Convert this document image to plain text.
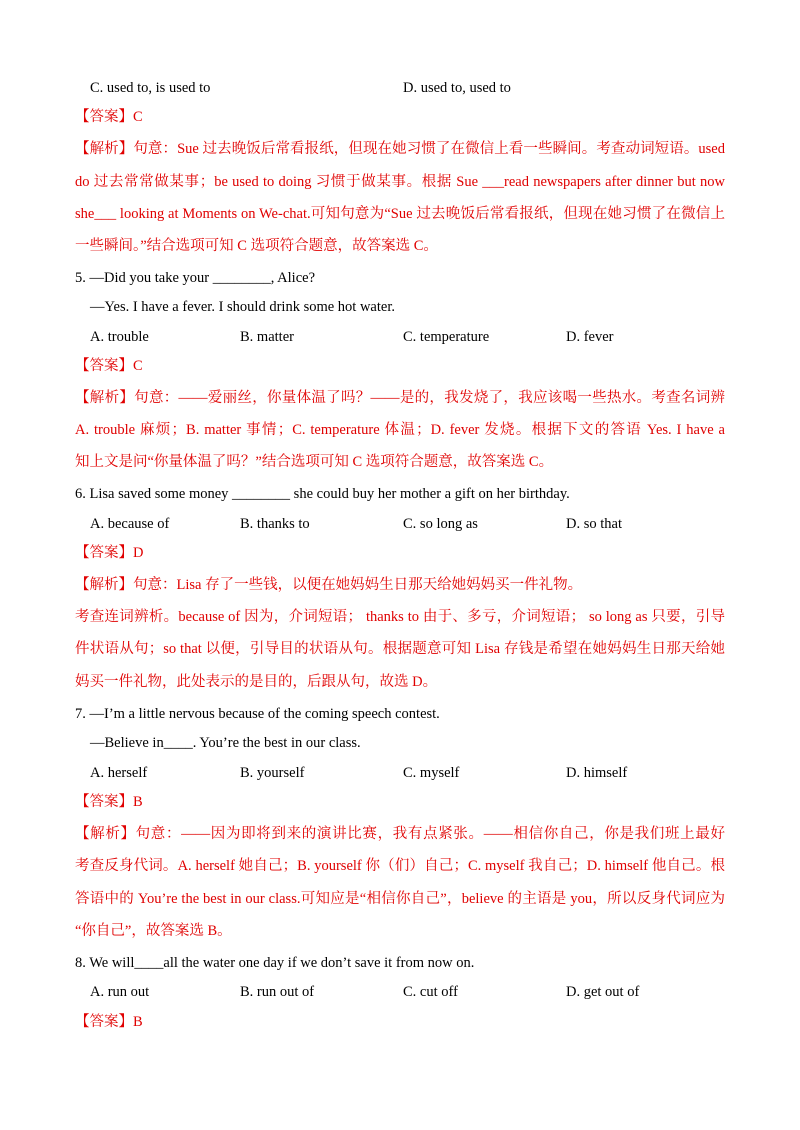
C. used to, is used to	D. used to, used to
【答案】C
【解析】句意：Sue 过去晚饭后常看报纸，但现在她习惯了在微信上看一些瞬间。考查动词短语。used
do 过去常常做某事；be used to doing 习惯于做某事。根据 Sue ___read newspapers after dinner but now
she___ looking at Moments on We-chat.可知句意为“Sue 过去晚饭后常看报纸，但现在她习惯了在微信上
一些瞬间。”结合选项可知 C 选项符合题意，故答案选 C。
5. —Did you take your ________, Alice?
—Yes. I have a fever. I should drink some hot water.
A. trouble	B. matter	C. temperature	D. fever
【答案】C
【解析】句意：——爱丽丝，你量体温了吗？——是的，我发烧了，我应该喝一些热水。考查名词辨
A. trouble 麻烦；B. matter 事情；C. temperature 体温；D. fever 发烧。根据下文的答语 Yes. I have a
知上文是问“你量体温了吗？”结合选项可知 C 选项符合题意，故答案选 C。
6. Lisa saved some money ________ she could buy her mother a gift on her birthday.
A. because of	B. thanks to	C. so long as	D. so that
【答案】D
【解析】句意：Lisa 存了一些钱，以便在她妈妈生日那天给她妈妈买一件礼物。
考查连词辨析。because of 因为，介词短语； thanks to 由于、多亏，介词短语； so long as 只要，引导
件状语从句；so that 以便，引导目的状语从句。根据题意可知 Lisa 存钱是希望在她妈妈生日那天给她
妈买一件礼物，此处表示的是目的，后跟从句，故选 D。
7. —I’m a little nervous because of the coming speech contest.
—Believe in____. You’re the best in our class.
A. herself	B. yourself	C. myself	D. himself
【答案】B
【解析】句意：——因为即将到来的演讲比赛，我有点紧张。——相信你自己，你是我们班上最好
考查反身代词。A. herself 她自己；B. yourself 你（们）自己；C. myself 我自己；D. himself 他自己。根
答语中的 You’re the best in our class.可知应是“相信你自己”，believe 的主语是 you，所以反身代词应为
“你自己”，故答案选 B。
8. We will____all the water one day if we don’t save it from now on.
A. run out	B. run out of	C. cut off	D. get out of
【答案】B
